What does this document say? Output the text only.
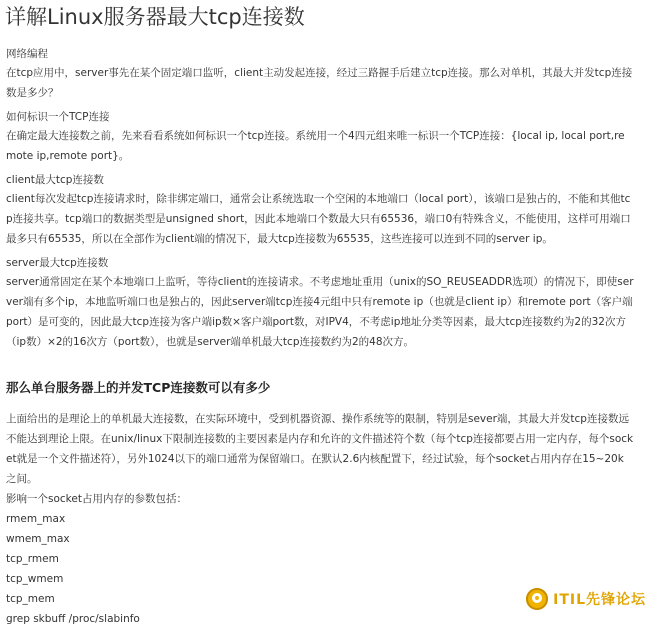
详解Linux服务器最大tcp连接数

网络编程

在tcp应用中，server事先在某个固定端口监听，client主动发起连接，经过三路握手后建立tcp连接。那么对单机，其最大并发tcp连接数是多少？

如何标识一个TCP连接

在确定最大连接数之前，先来看看系统如何标识一个tcp连接。系统用一个4四元组来唯一标识一个TCP连接：{local ip, local port,remote ip,remote port}。

client最大tcp连接数

client每次发起tcp连接请求时，除非绑定端口，通常会让系统选取一个空闲的本地端口（local port），该端口是独占的，不能和其他tcp连接共享。tcp端口的数据类型是unsigned short，因此本地端口个数最大只有65536，端口0有特殊含义，不能使用，这样可用端口最多只有65535，所以在全部作为client端的情况下，最大tcp连接数为65535，这些连接可以连到不同的server ip。

server最大tcp连接数

server通常固定在某个本地端口上监听，等待client的连接请求。不考虑地址重用（unix的SO_REUSEADDR选项）的情况下，即使server端有多个ip，本地监听端口也是独占的，因此server端tcp连接4元组中只有remote ip（也就是client ip）和remote port（客户端port）是可变的，因此最大tcp连接为客户端ip数×客户端port数，对IPV4，不考虑ip地址分类等因素，最大tcp连接数约为2的32次方（ip数）×2的16次方（port数），也就是server端单机最大tcp连接数约为2的48次方。

那么单台服务器上的并发TCP连接数可以有多少

上面给出的是理论上的单机最大连接数，在实际环境中，受到机器资源、操作系统等的限制，特别是sever端，其最大并发tcp连接数远不能达到理论上限。在unix/linux下限制连接数的主要因素是内存和允许的文件描述符个数（每个tcp连接都要占用一定内存，每个socket就是一个文件描述符），另外1024以下的端口通常为保留端口。在默认2.6内核配置下，经过试验，每个socket占用内存在15~20k之间。

影响一个socket占用内存的参数包括：

rmem_max
wmem_max
tcp_rmem
tcp_wmem
tcp_mem
grep skbuff /proc/slabinfo
ITIL先锋论坛
